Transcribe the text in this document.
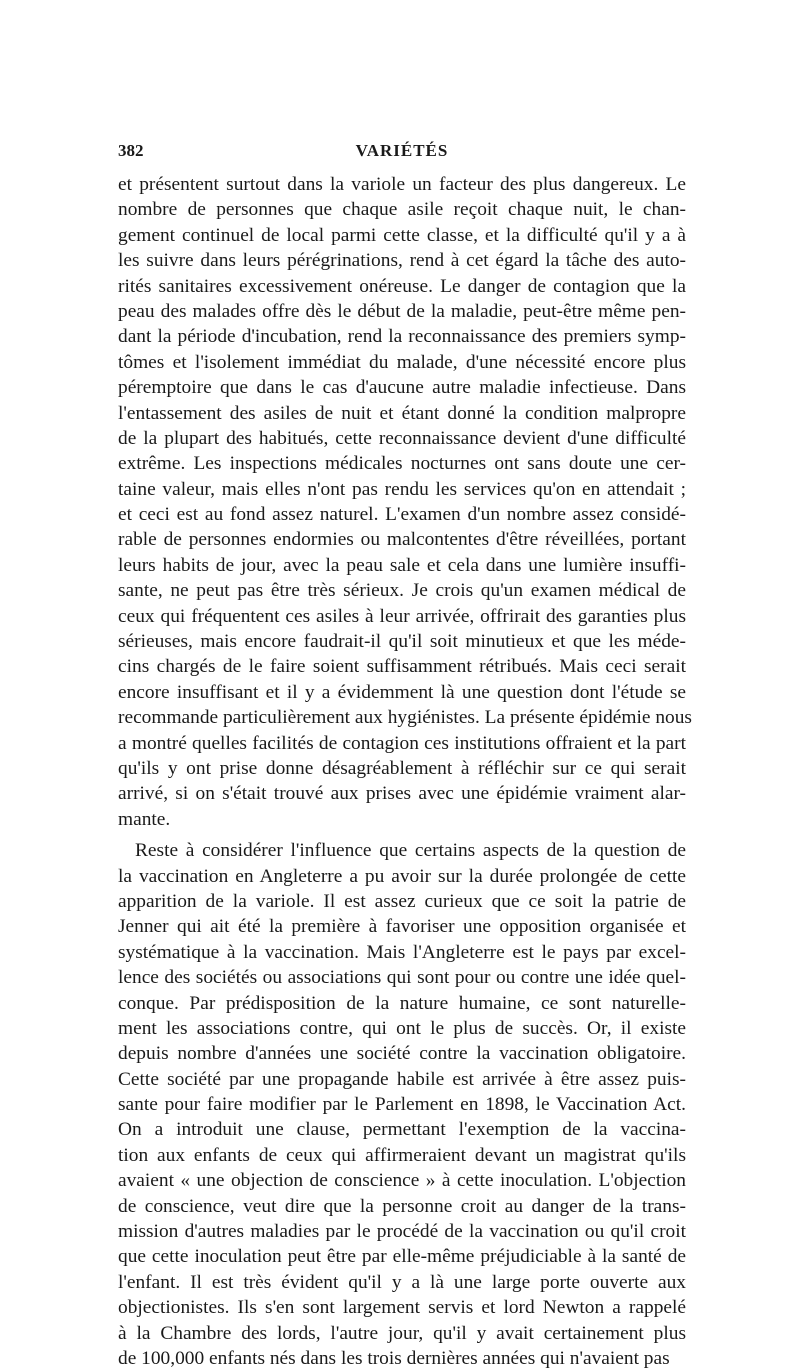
VARIÉTÉS
382
et présentent surtout dans la variole un facteur des plus dangereux. Le
nombre de personnes que chaque asile reçoit chaque nuit, le chan-
gement continuel de local parmi cette classe, et la difficulté qu'il y a à
les suivre dans leurs pérégrinations, rend à cet égard la tâche des auto-
rités sanitaires excessivement onéreuse. Le danger de contagion que la
peau des malades offre dès le début de la maladie, peut-être même pen-
dant la période d'incubation, rend la reconnaissance des premiers symp-
tômes et l'isolement immédiat du malade, d'une nécessité encore plus
péremptoire que dans le cas d'aucune autre maladie infectieuse. Dans
l'entassement des asiles de nuit et étant donné la condition malpropre
de la plupart des habitués, cette reconnaissance devient d'une difficulté
extrême. Les inspections médicales nocturnes ont sans doute une cer-
taine valeur, mais elles n'ont pas rendu les services qu'on en attendait ;
et ceci est au fond assez naturel. L'examen d'un nombre assez considé-
rable de personnes endormies ou malcontentes d'être réveillées, portant
leurs habits de jour, avec la peau sale et cela dans une lumière insuffi-
sante, ne peut pas être très sérieux. Je crois qu'un examen médical de
ceux qui fréquentent ces asiles à leur arrivée, offrirait des garanties plus
sérieuses, mais encore faudrait-il qu'il soit minutieux et que les méde-
cins chargés de le faire soient suffisamment rétribués. Mais ceci serait
encore insuffisant et il y a évidemment là une question dont l'étude se
recommande particulièrement aux hygiénistes. La présente épidémie nous
a montré quelles facilités de contagion ces institutions offraient et la part
qu'ils y ont prise donne désagréablement à réfléchir sur ce qui serait
arrivé, si on s'était trouvé aux prises avec une épidémie vraiment alar-
mante.
Reste à considérer l'influence que certains aspects de la question de
la vaccination en Angleterre a pu avoir sur la durée prolongée de cette
apparition de la variole. Il est assez curieux que ce soit la patrie de
Jenner qui ait été la première à favoriser une opposition organisée et
systématique à la vaccination. Mais l'Angleterre est le pays par excel-
lence des sociétés ou associations qui sont pour ou contre une idée quel-
conque. Par prédisposition de la nature humaine, ce sont naturelle-
ment les associations contre, qui ont le plus de succès. Or, il existe
depuis nombre d'années une société contre la vaccination obligatoire.
Cette société par une propagande habile est arrivée à être assez puis-
sante pour faire modifier par le Parlement en 1898, le Vaccination Act.
On a introduit une clause, permettant l'exemption de la vaccina-
tion aux enfants de ceux qui affirmeraient devant un magistrat qu'ils
avaient « une objection de conscience » à cette inoculation. L'objection
de conscience, veut dire que la personne croit au danger de la trans-
mission d'autres maladies par le procédé de la vaccination ou qu'il croit
que cette inoculation peut être par elle-même préjudiciable à la santé de
l'enfant. Il est très évident qu'il y a là une large porte ouverte aux
objectionistes. Ils s'en sont largement servis et lord Newton a rappelé
à la Chambre des lords, l'autre jour, qu'il y avait certainement plus
de 100,000 enfants nés dans les trois dernières années qui n'avaient pas
